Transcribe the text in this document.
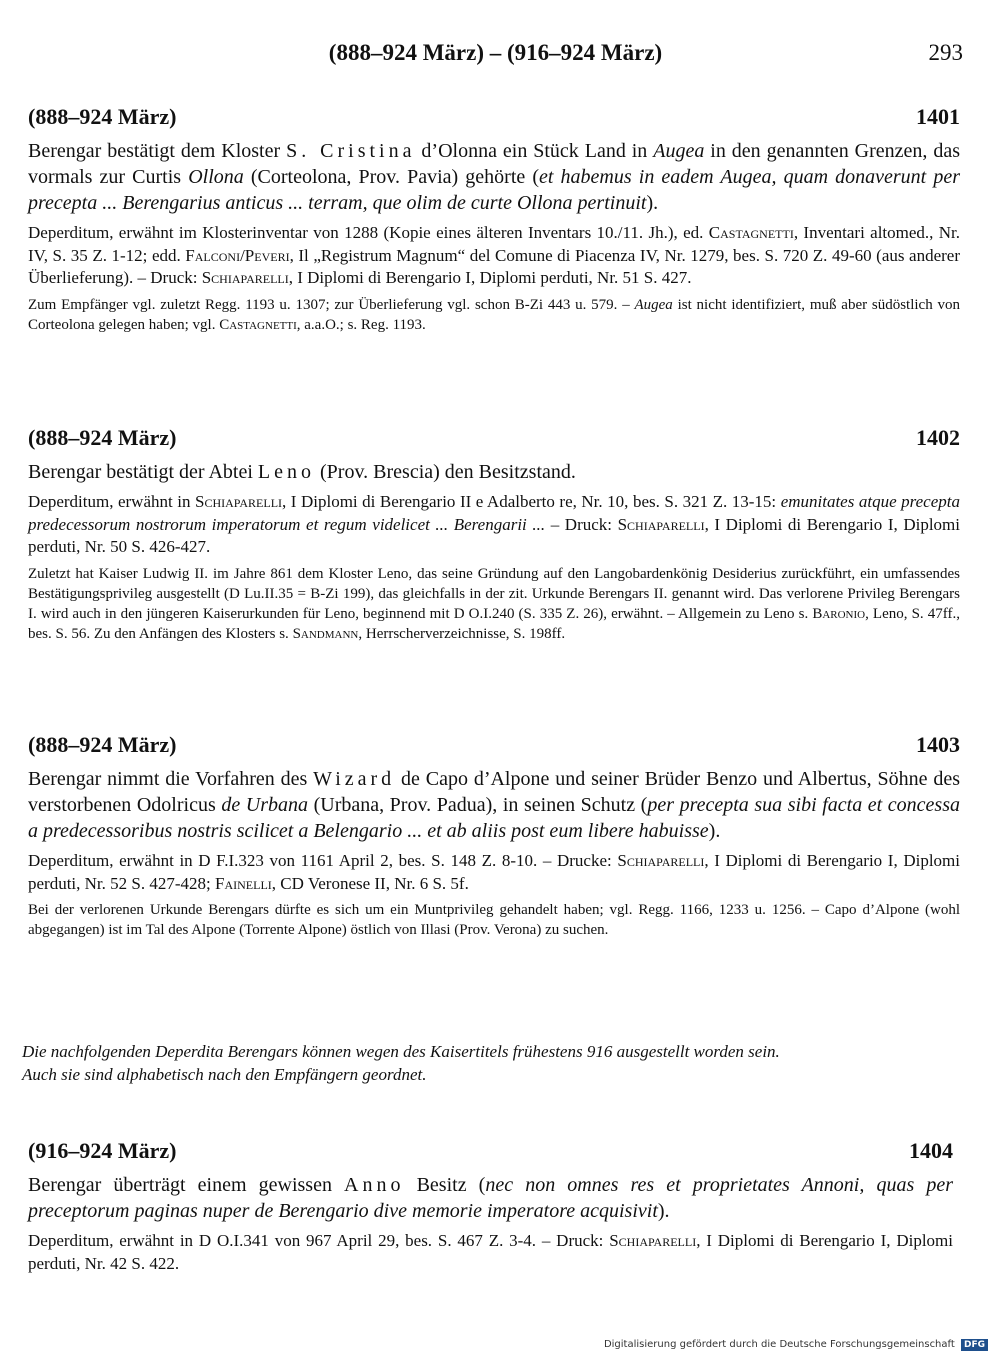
(888–924 März) – (916–924 März)	293
(888–924 März)	1401

Berengar bestätigt dem Kloster S. Cristina d’Olonna ein Stück Land in Augea in den genannten Grenzen, das vormals zur Curtis Ollona (Corteolona, Prov. Pavia) gehörte (et habemus in eadem Augea, quam donaverunt per precepta ... Berengarius anticus ... terram, que olim de curte Ollona pertinuit).

Deperditum, erwähnt im Klosterinventar von 1288 (Kopie eines älteren Inventars 10./11. Jh.), ed. Castagnetti, Inventari altomed., Nr. IV, S. 35 Z. 1-12; edd. Falconi/Peveri, Il „Registrum Magnum“ del Comune di Piacenza IV, Nr. 1279, bes. S. 720 Z. 49-60 (aus anderer Überlieferung). – Druck: Schiaparelli, I Diplomi di Berengario I, Diplomi perduti, Nr. 51 S. 427.

Zum Empfänger vgl. zuletzt Regg. 1193 u. 1307; zur Überlieferung vgl. schon B-Zi 443 u. 579. – Augea ist nicht identifiziert, muß aber südöstlich von Corteolona gelegen haben; vgl. Castagnetti, a.a.O.; s. Reg. 1193.

(888–924 März)	1402

Berengar bestätigt der Abtei Leno (Prov. Brescia) den Besitzstand.

Deperditum, erwähnt in Schiaparelli, I Diplomi di Berengario II e Adalberto re, Nr. 10, bes. S. 321 Z. 13-15: emunitates atque precepta predecessorum nostrorum imperatorum et regum videlicet ... Berengarii ... – Druck: Schiaparelli, I Diplomi di Berengario I, Diplomi perduti, Nr. 50 S. 426-427.

Zuletzt hat Kaiser Ludwig II. im Jahre 861 dem Kloster Leno, das seine Gründung auf den Langobardenkönig Desiderius zurückführt, ein umfassendes Bestätigungsprivileg ausgestellt (D Lu.II.35 = B-Zi 199), das gleichfalls in der zit. Urkunde Berengars II. genannt wird. Das verlorene Privileg Berengars I. wird auch in den jüngeren Kaiserurkunden für Leno, beginnend mit D O.I.240 (S. 335 Z. 26), erwähnt. – Allgemein zu Leno s. Baronio, Leno, S. 47ff., bes. S. 56. Zu den Anfängen des Klosters s. Sandmann, Herrscherverzeichnisse, S. 198ff.

(888–924 März)	1403

Berengar nimmt die Vorfahren des Wizard de Capo d’Alpone und seiner Brüder Benzo und Albertus, Söhne des verstorbenen Odolricus de Urbana (Urbana, Prov. Padua), in seinen Schutz (per precepta sua sibi facta et concessa a predecessoribus nostris scilicet a Belengario ... et ab aliis post eum libere habuisse).

Deperditum, erwähnt in D F.I.323 von 1161 April 2, bes. S. 148 Z. 8-10. – Drucke: Schiaparelli, I Diplomi di Berengario I, Diplomi perduti, Nr. 52 S. 427-428; Fainelli, CD Veronese II, Nr. 6 S. 5f.

Bei der verlorenen Urkunde Berengars dürfte es sich um ein Muntprivileg gehandelt haben; vgl. Regg. 1166, 1233 u. 1256. – Capo d’Alpone (wohl abgegangen) ist im Tal des Alpone (Torrente Alpone) östlich von Illasi (Prov. Verona) zu suchen.

Die nachfolgenden Deperdita Berengars können wegen des Kaisertitels frühestens 916 ausgestellt worden sein.
Auch sie sind alphabetisch nach den Empfängern geordnet.
(916–924 März)	1404

Berengar überträgt einem gewissen Anno Besitz (nec non omnes res et proprietates Annoni, quas per preceptorum paginas nuper de Berengario dive memorie imperatore acquisivit).

Deperditum, erwähnt in D O.I.341 von 967 April 29, bes. S. 467 Z. 3-4. – Druck: Schiaparelli, I Diplomi di Berengario I, Diplomi perduti, Nr. 42 S. 422.

Digitalisierung gefördert durch die Deutsche Forschungsgemeinschaft DFG
